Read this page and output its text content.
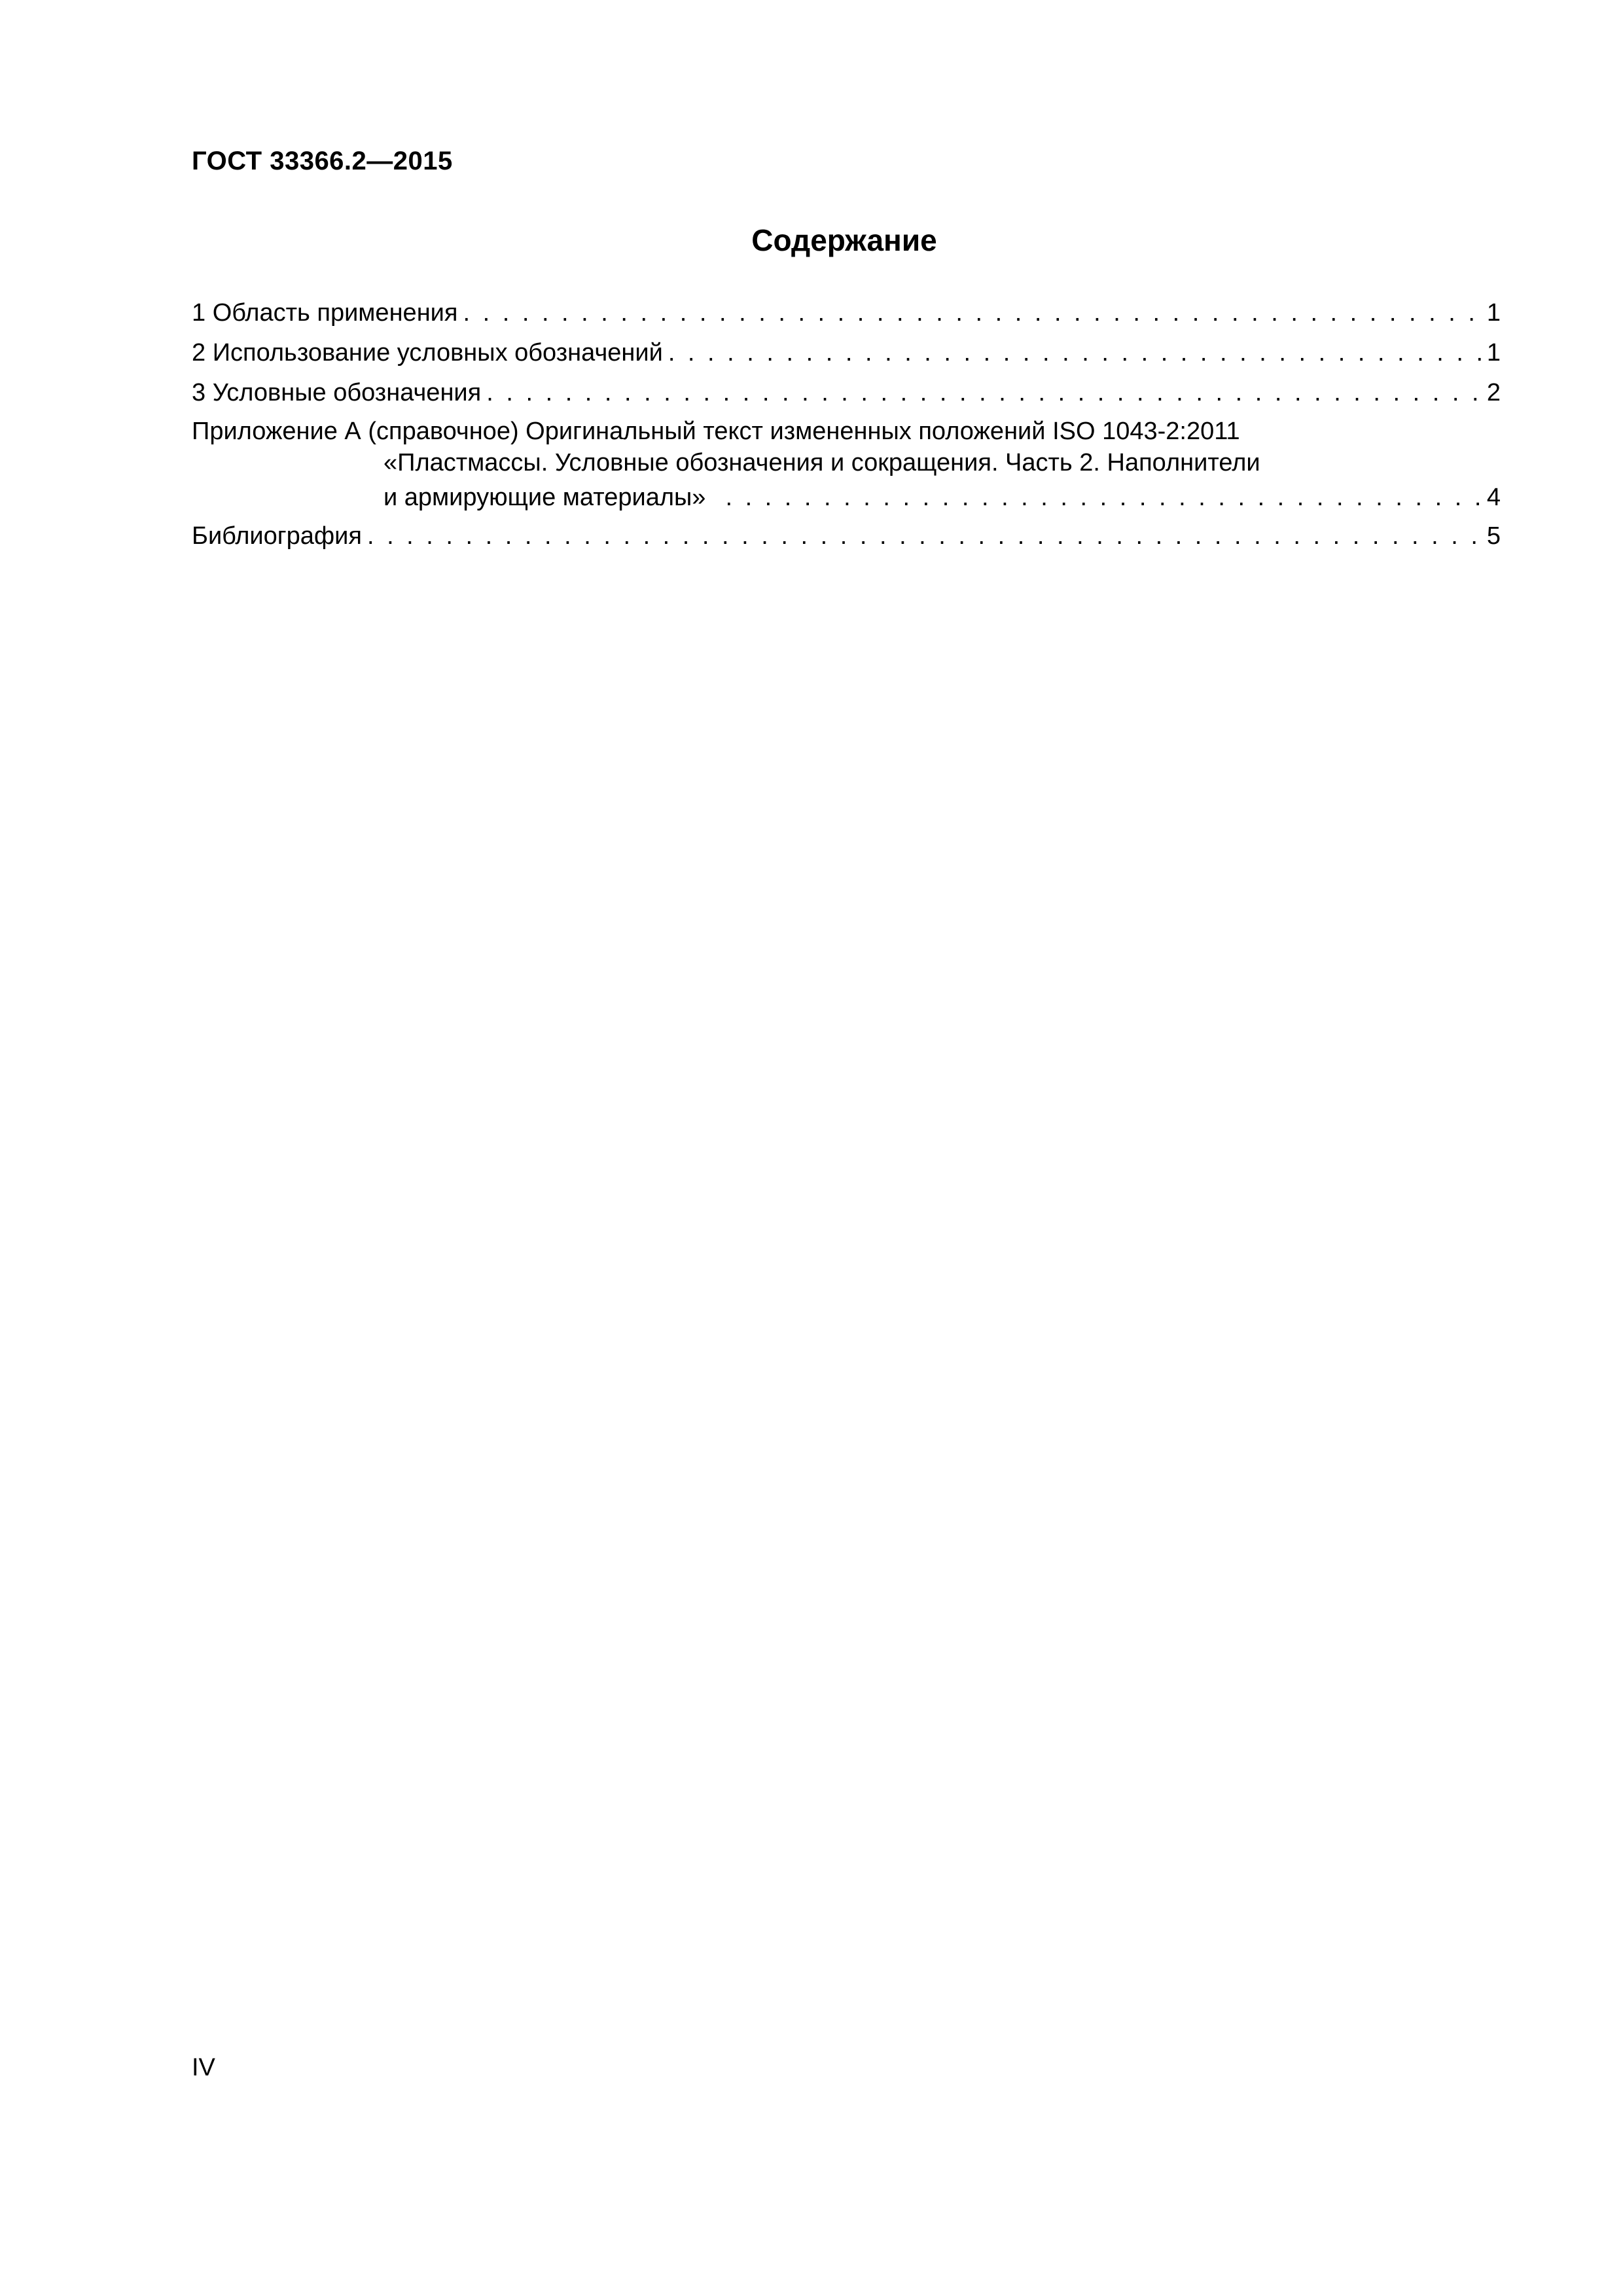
ГОСТ 33366.2—2015
Содержание
1 Область применения . . .	1
2 Использование условных обозначений . . .	1
3 Условные обозначения . . .	2
Приложение А (справочное) Оригинальный текст измененных положений ISO 1043-2:2011
«Пластмассы. Условные обозначения и сокращения. Часть 2. Наполнители
и армирующие материалы» . . .	4
Библиография . . .	5
IV
